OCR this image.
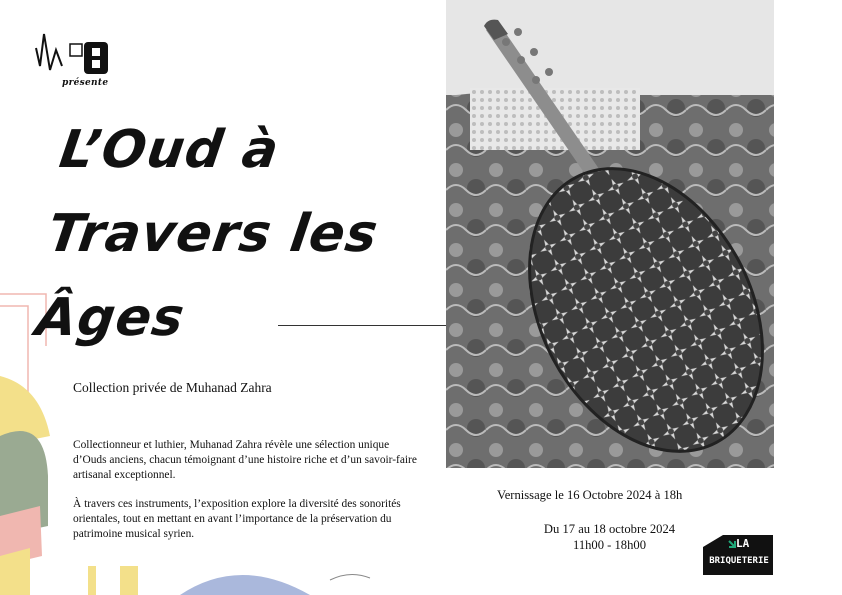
présente
L’Oud à
Travers les
Âges
Collection privée de Muhanad Zahra
Collectionneur et luthier, Muhanad Zahra révèle une sélection unique d’Ouds anciens, chacun témoignant d’une histoire riche et d’un savoir-faire artisanal exceptionnel.
À travers ces instruments, l’exposition explore la diversité des sonorités orientales, tout en mettant en avant l’importance de la préservation du patrimoine musical syrien.
Vernissage le 16 Octobre 2024 à 18h
Du 17 au 18 octobre 2024
11h00 - 18h00	LA
BRIQUETERIE
